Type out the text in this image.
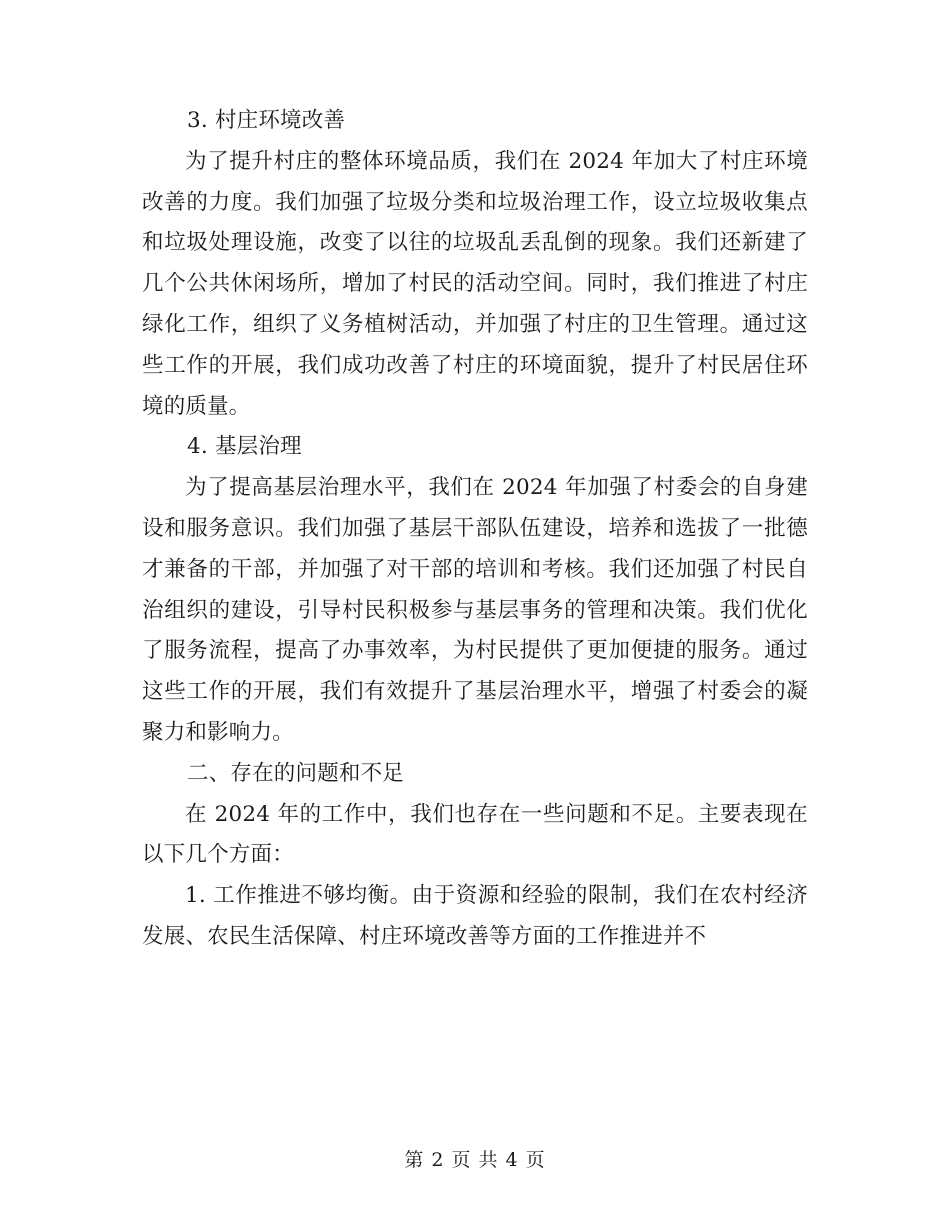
3. 村庄环境改善

为了提升村庄的整体环境品质，我们在 2024 年加大了村庄环境改善的力度。我们加强了垃圾分类和垃圾治理工作，设立垃圾收集点和垃圾处理设施，改变了以往的垃圾乱丢乱倒的现象。我们还新建了几个公共休闲场所，增加了村民的活动空间。同时，我们推进了村庄绿化工作，组织了义务植树活动，并加强了村庄的卫生管理。通过这些工作的开展，我们成功改善了村庄的环境面貌，提升了村民居住环境的质量。

4. 基层治理

为了提高基层治理水平，我们在 2024 年加强了村委会的自身建设和服务意识。我们加强了基层干部队伍建设，培养和选拔了一批德才兼备的干部，并加强了对干部的培训和考核。我们还加强了村民自治组织的建设，引导村民积极参与基层事务的管理和决策。我们优化了服务流程，提高了办事效率，为村民提供了更加便捷的服务。通过这些工作的开展，我们有效提升了基层治理水平，增强了村委会的凝聚力和影响力。

二、存在的问题和不足

在 2024 年的工作中，我们也存在一些问题和不足。主要表现在以下几个方面：

1. 工作推进不够均衡。由于资源和经验的限制，我们在农村经济发展、农民生活保障、村庄环境改善等方面的工作推进并不

第 2 页 共 4 页
